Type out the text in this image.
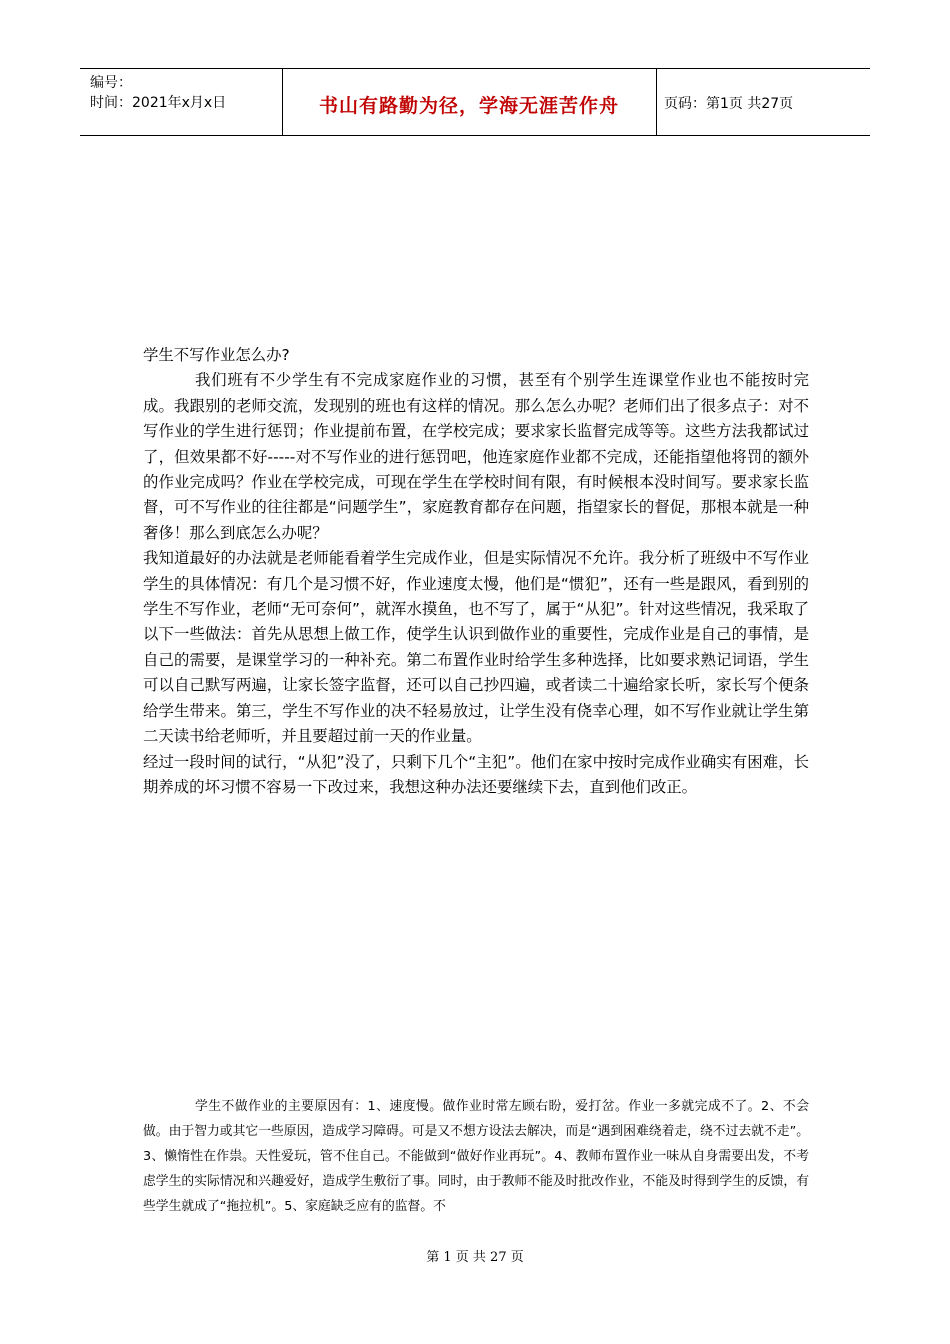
编号：
时间：2021年x月x日	书山有路勤为径，学海无涯苦作舟	页码：第1页 共27页

学生不写作业怎么办?

我们班有不少学生有不完成家庭作业的习惯，甚至有个别学生连课堂作业也不能按时完成。我跟别的老师交流，发现别的班也有这样的情况。那么怎么办呢？老师们出了很多点子：对不写作业的学生进行惩罚；作业提前布置，在学校完成；要求家长监督完成等等。这些方法我都试过了，但效果都不好-----对不写作业的进行惩罚吧，他连家庭作业都不完成，还能指望他将罚的额外的作业完成吗？作业在学校完成，可现在学生在学校时间有限，有时候根本没时间写。要求家长监督，可不写作业的往往都是“问题学生”，家庭教育都存在问题，指望家长的督促，那根本就是一种奢侈！那么到底怎么办呢？

我知道最好的办法就是老师能看着学生完成作业，但是实际情况不允许。我分析了班级中不写作业学生的具体情况：有几个是习惯不好，作业速度太慢，他们是“惯犯”，还有一些是跟风，看到别的学生不写作业，老师“无可奈何”，就浑水摸鱼，也不写了，属于“从犯”。针对这些情况，我采取了以下一些做法：首先从思想上做工作，使学生认识到做作业的重要性，完成作业是自己的事情，是自己的需要，是课堂学习的一种补充。第二布置作业时给学生多种选择，比如要求熟记词语，学生可以自己默写两遍，让家长签字监督，还可以自己抄四遍，或者读二十遍给家长听，家长写个便条给学生带来。第三，学生不写作业的决不轻易放过，让学生没有侥幸心理，如不写作业就让学生第二天读书给老师听，并且要超过前一天的作业量。

经过一段时间的试行，“从犯”没了，只剩下几个“主犯”。他们在家中按时完成作业确实有困难，长期养成的坏习惯不容易一下改过来，我想这种办法还要继续下去，直到他们改正。

学生不做作业的主要原因有：1、速度慢。做作业时常左顾右盼，爱打岔。作业一多就完成不了。2、不会做。由于智力或其它一些原因，造成学习障碍。可是又不想方设法去解决，而是“遇到困难绕着走，绕不过去就不走”。3、懒惰性在作祟。天性爱玩，管不住自己。不能做到“做好作业再玩”。4、教师布置作业一味从自身需要出发，不考虑学生的实际情况和兴趣爱好，造成学生敷衍了事。同时，由于教师不能及时批改作业，不能及时得到学生的反馈，有些学生就成了“拖拉机”。5、家庭缺乏应有的监督。不

第 1 页 共 27 页
